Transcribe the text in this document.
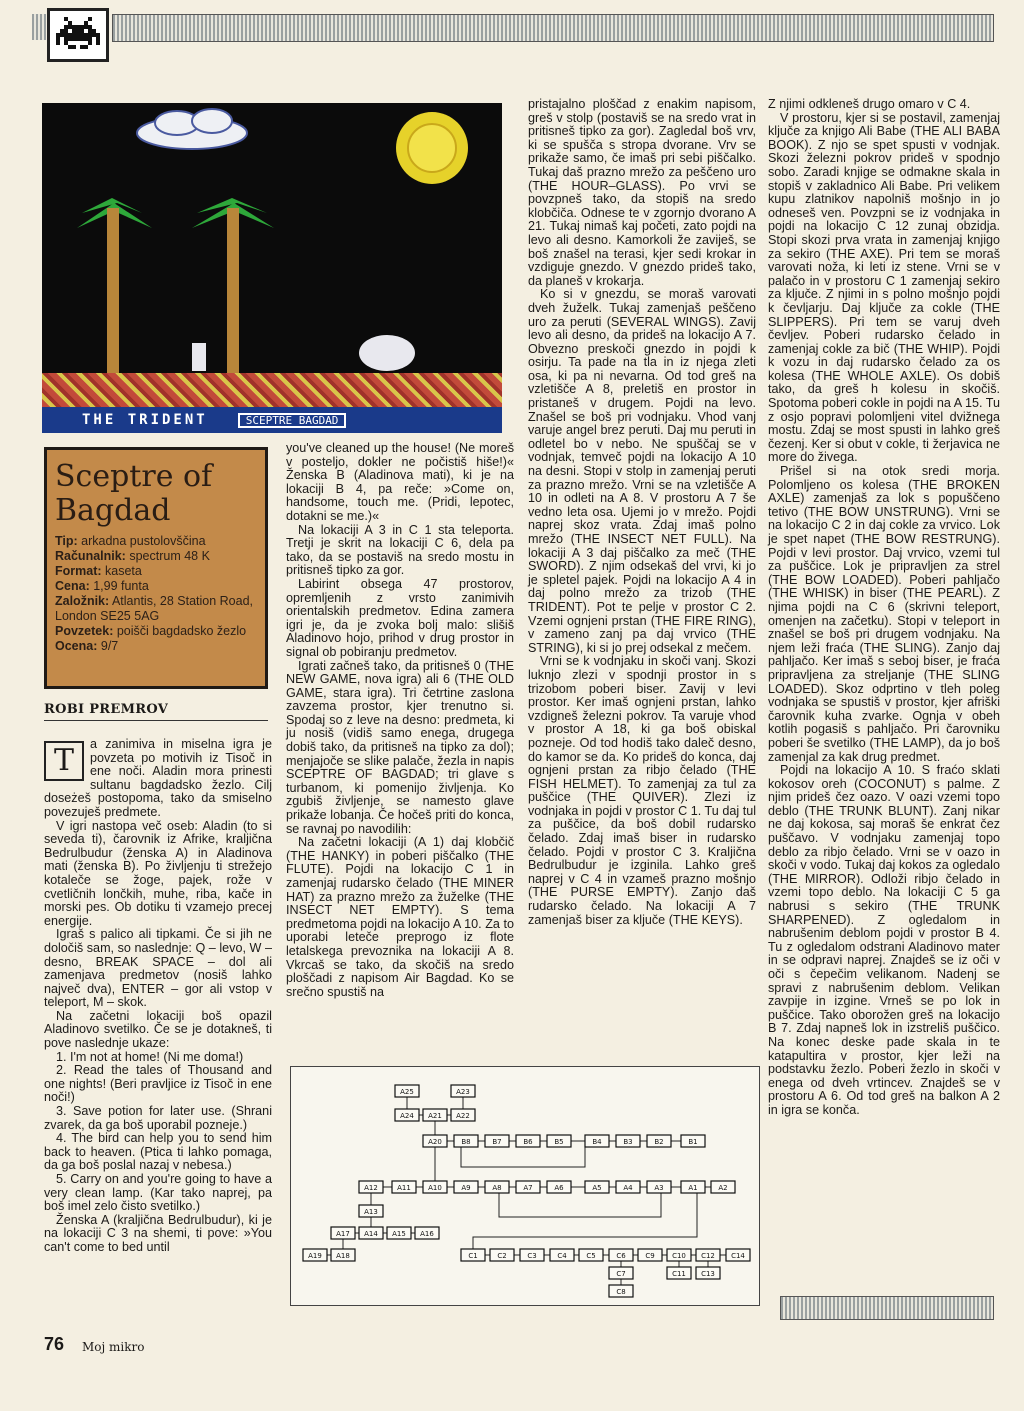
THE TRIDENT	SCEPTRE BAGDAD
Sceptre of Bagdad
Tip: arkadna pustolovščina
Računalnik: spectrum 48 K
Format: kaseta
Cena: 1,99 funta
Založnik: Atlantis, 28 Station Road, London SE25 5AG
Povzetek: poišči bagdadsko žezlo
Ocena: 9/7
ROBI PREMROV

T	a zanimiva in miselna igra je povzeta po motivih iz Tisoč in ene noči. Aladin mora prinesti sultanu bagdadsko žezlo. Cilj doseżeš postopoma, tako da smiselno povezuješ predmete.

V igri nastopa več oseb: Aladin (to si seveda ti), čarovnik iz Afrike, kraljična Bedrulbudur (ženska A) in Aladinova mati (ženska B). Po življenju ti strežejo kotaleče se žoge, pajek, rože v cvetličnih lončkih, muhe, riba, kače in morski pes. Ob dotiku ti vzamejo precej energije.

Igraš s palico ali tipkami. Če si jih ne določiš sam, so naslednje: Q – levo, W – desno, BREAK SPACE – dol ali zamenjava predmetov (nosiš lahko največ dva), ENTER – gor ali vstop v teleport, M – skok.

Na začetni lokaciji boš opazil Aladinovo svetilko. Če se je dotakneš, ti pove naslednje ukaze:

1. I'm not at home! (Ni me doma!)

2. Read the tales of Thousand and one nights! (Beri pravljice iz Tisoč in ene noči!)

3. Save potion for later use. (Shrani zvarek, da ga boš uporabil pozneje.)

4. The bird can help you to send him back to heaven. (Ptica ti lahko pomaga, da ga boš poslal nazaj v nebesa.)

5. Carry on and you're going to have a very clean lamp. (Kar tako naprej, pa boš imel zelo čisto svetilko.)

Ženska A (kraljična Bedrulbudur), ki je na lokaciji C 3 na shemi, ti pove: »You can't come to bed until

you've cleaned up the house! (Ne moreš v posteljo, dokler ne počistiš hiše!)« Ženska B (Aladinova mati), ki je na lokaciji B 4, pa reče: »Come on, handsome, touch me. (Pridi, lepotec, dotakni se me.)«

Na lokaciji A 3 in C 1 sta teleporta. Tretji je skrit na lokaciji C 6, dela pa tako, da se postaviš na sredo mostu in pritisneš tipko za gor.

Labirint obsega 47 prostorov, opremljenih z vrsto zanimivih orientalskih predmetov. Edina zamera igri je, da je zvoka bolj malo: slišiš Aladinovo hojo, prihod v drug prostor in signal ob pobiranju predmetov.

Igrati začneš tako, da pritisneš 0 (THE NEW GAME, nova igra) ali 6 (THE OLD GAME, stara igra). Tri četrtine zaslona zavzema prostor, kjer trenutno si. Spodaj so z leve na desno: predmeta, ki ju nosiš (vidiš samo enega, drugega dobiš tako, da pritisneš na tipko za dol); menjajoče se slike palače, žezla in napis SCEPTRE OF BAGDAD; tri glave s turbanom, ki pomenijo življenja. Ko zgubiš življenje, se namesto glave prikaže lobanja. Če hočeš priti do konca, se ravnaj po navodilih:

Na začetni lokaciji (A 1) daj klobčič (THE HANKY) in poberi piščalko (THE FLUTE). Pojdi na lokacijo C 1 in zamenjaj rudarsko čelado (THE MINER HAT) za prazno mrežo za žuželke (THE INSECT NET EMPTY). S tema predmetoma pojdi na lokacijo A 10. Za to uporabi leteče preprogo iz flote letalskega prevoznika na lokaciji A 8. Vkrcaš se tako, da skočiš na sredo ploščadi z napisom Air Bagdad. Ko se srečno spustiš na

pristajalno ploščad z enakim napisom, greš v stolp (postaviš se na sredo vrat in pritisneš tipko za gor). Zagledal boš vrv, ki se spušča s stropa dvorane. Vrv se prikaže samo, če imaš pri sebi piščalko. Tukaj daš prazno mrežo za peščeno uro (THE HOUR–GLASS). Po vrvi se povzpneš tako, da stopiš na sredo klobčiča. Odnese te v zgornjo dvorano A 21. Tukaj nimaš kaj početi, zato pojdi na levo ali desno. Kamorkoli že zaviješ, se boš znašel na terasi, kjer sedi krokar in vzdiguje gnezdo. V gnezdo prideš tako, da planeš v krokarja.

Ko si v gnezdu, se moraš varovati dveh žuželk. Tukaj zamenjaš peščeno uro za peruti (SEVERAL WINGS). Zavij levo ali desno, da prideš na lokacijo A 7. Obvezno preskoči gnezdo in pojdi k osirju. Ta pade na tla in iz njega zleti osa, ki pa ni nevarna. Od tod greš na vzletišče A 8, preletiš en prostor in pristaneš v drugem. Pojdi na levo. Znašel se boš pri vodnjaku. Vhod vanj varuje angel brez peruti. Daj mu peruti in odletel bo v nebo. Ne spuščaj se v vodnjak, temveč pojdi na lokacijo A 10 na desni. Stopi v stolp in zamenjaj peruti za prazno mrežo. Vrni se na vzletišče A 10 in odleti na A 8. V prostoru A 7 še vedno leta osa. Ujemi jo v mrežo. Pojdi naprej skoz vrata. Zdaj imaš polno mrežo (THE INSECT NET FULL). Na lokaciji A 3 daj piščalko za meč (THE SWORD). Z njim odsekaš del vrvi, ki jo je spletel pajek. Pojdi na lokacijo A 4 in daj polno mrežo za trizob (THE TRIDENT). Pot te pelje v prostor C 2. Vzemi ognjeni prstan (THE FIRE RING), v zameno zanj pa daj vrvico (THE STRING), ki si jo prej odsekal z mečem.

Vrni se k vodnjaku in skoči vanj. Skozi luknjo zlezi v spodnji prostor in s trizobom poberi biser. Zavij v levi prostor. Ker imaš ognjeni prstan, lahko vzdigneš železni pokrov. Ta varuje vhod v prostor A 18, ki ga boš obiskal pozneje. Od tod hodiš tako daleč desno, do kamor se da. Ko prideš do konca, daj ognjeni prstan za ribjo čelado (THE FISH HELMET). To zamenjaj za tul za puščice (THE QUIVER). Zlezi iz vodnjaka in pojdi v prostor C 1. Tu daj tul za puščice, da boš dobil rudarsko čelado. Zdaj imaš biser in rudarsko čelado. Pojdi v prostor C 3. Kraljična Bedrulbudur je izginila. Lahko greš naprej v C 4 in vzameš prazno mošnjo (THE PURSE EMPTY). Zanjo daš rudarsko čelado. Na lokaciji A 7 zamenjaš biser za ključe (THE KEYS).

Z njimi odkleneš drugo omaro v C 4.

V prostoru, kjer si se postavil, zamenjaj ključe za knjigo Ali Babe (THE ALI BABA BOOK). Z njo se spet spusti v vodnjak. Skozi železni pokrov prideš v spodnjo sobo. Zaradi knjige se odmakne skala in stopiš v zakladnico Ali Babe. Pri velikem kupu zlatnikov napolniš mošnjo in jo odneseš ven. Povzpni se iz vodnjaka in pojdi na lokacijo C 12 zunaj obzidja. Stopi skozi prva vrata in zamenjaj knjigo za sekiro (THE AXE). Pri tem se moraš varovati noža, ki leti iz stene. Vrni se v palačo in v prostoru C 1 zamenjaj sekiro za ključe. Z njimi in s polno mošnjo pojdi k čevljarju. Daj ključe za cokle (THE SLIPPERS). Pri tem se varuj dveh čevljev. Poberi rudarsko čelado in zamenjaj cokle za bič (THE WHIP). Pojdi k vozu in daj rudarsko čelado za os kolesa (THE WHOLE AXLE). Os dobiš tako, da greš h kolesu in skočiš. Spotoma poberi cokle in pojdi na A 15. Tu z osjo popravi polomljeni vitel dvižnega mostu. Zdaj se most spusti in lahko greš čezenj. Ker si obut v cokle, ti žerjavica ne more do živega.

Prišel si na otok sredi morja. Polomljeno os kolesa (THE BROKEN AXLE) zamenjaš za lok s popuščeno tetivo (THE BOW UNSTRUNG). Vrni se na lokacijo C 2 in daj cokle za vrvico. Lok je spet napet (THE BOW RESTRUNG). Pojdi v levi prostor. Daj vrvico, vzemi tul za puščice. Lok je pripravljen za strel (THE BOW LOADED). Poberi pahljačo (THE WHISK) in biser (THE PEARL). Z njima pojdi na C 6 (skrivni teleport, omenjen na začetku). Stopi v teleport in znašel se boš pri drugem vodnjaku. Na njem leži fraća (THE SLING). Zanjo daj pahljačo. Ker imaš s seboj biser, je fraća pripravljena za streljanje (THE SLING LOADED). Skoz odprtino v tleh poleg vodnjaka se spustiš v prostor, kjer afriški čarovnik kuha zvarke. Ognja v obeh kotlih pogasiš s pahljačo. Pri čarovniku poberi še svetilko (THE LAMP), da jo boš zamenjal za kak drug predmet.

Pojdi na lokacijo A 10. S fraćo sklati kokosov oreh (COCONUT) s palme. Z njim prideš čez oazo. V oazi vzemi topo deblo (THE TRUNK BLUNT). Zanj nikar ne daj kokosa, saj moraš še enkrat čez puščavo. V vodnjaku zamenjaj topo deblo za ribjo čelado. Vrni se v oazo in skoči v vodo. Tukaj daj kokos za ogledalo (THE MIRROR). Odloži ribjo čelado in vzemi topo deblo. Na lokaciji C 5 ga nabrusi s sekiro (THE TRUNK SHARPENED). Z ogledalom in nabrušenim deblom pojdi v prostor B 4. Tu z ogledalom odstrani Aladinovo mater in se odpravi naprej. Znajdeš se iz oči v oči s čepečim velikanom. Nadenj se spravi z nabrušenim deblom. Velikan zavpije in izgine. Vrneš se po lok in puščice. Tako oborožen greš na lokacijo B 7. Zdaj napneš lok in izstreliš puščico. Na konec deske pade skala in te katapultira v prostor, kjer leži na podstavku žezlo. Poberi žezlo in skoči v enega od dveh vrtincev. Znajdeš se v prostoru A 6. Od tod greš na balkon A 2 in igra se konča.

A25	A23
A24 A21 A22
A20	B8	B7	B6	B5	B4	B3	B2	B1
A12	A11 A10	A9	A8	A7	A6	A5	A4	A3	A1	A2
A13
A17 A14 A15 A16
A19 A18	C1	C2	C3	C4	C5	C6	C9 C10 C12 C14
C7	C11 C13
C8
76 Moj mikro
